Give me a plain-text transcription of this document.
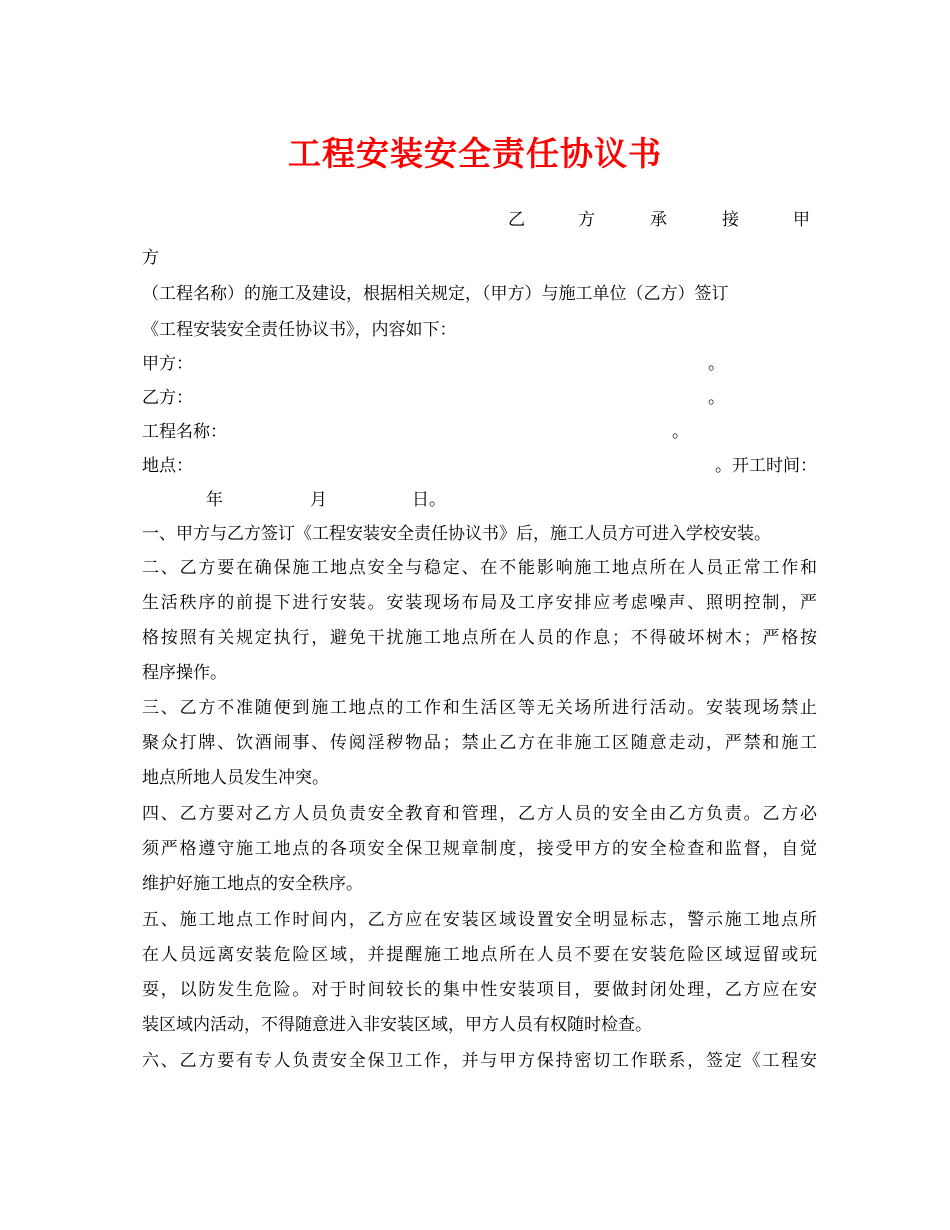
工程安装安全责任协议书
乙	方	承	接	甲
方
（工程名称）的施工及建设，根据相关规定，（甲方）与施工单位（乙方）签订
《工程安装安全责任协议书》，内容如下：
甲方：	。
乙方：	。
工程名称：	。
地点：	。开工时间：
年	月	日。
一、甲方与乙方签订《工程安装安全责任协议书》后，施工人员方可进入学校安装。
二、乙方要在确保施工地点安全与稳定、在不能影响施工地点所在人员正常工作和
生活秩序的前提下进行安装。安装现场布局及工序安排应考虑噪声、照明控制，严
格按照有关规定执行，避免干扰施工地点所在人员的作息；不得破坏树木；严格按
程序操作。
三、乙方不准随便到施工地点的工作和生活区等无关场所进行活动。安装现场禁止
聚众打牌、饮酒闹事、传阅淫秽物品；禁止乙方在非施工区随意走动，严禁和施工
地点所地人员发生冲突。
四、乙方要对乙方人员负责安全教育和管理，乙方人员的安全由乙方负责。乙方必
须严格遵守施工地点的各项安全保卫规章制度，接受甲方的安全检查和监督，自觉
维护好施工地点的安全秩序。
五、施工地点工作时间内，乙方应在安装区域设置安全明显标志，警示施工地点所
在人员远离安装危险区域，并提醒施工地点所在人员不要在安装危险区域逗留或玩
耍，以防发生危险。对于时间较长的集中性安装项目，要做封闭处理，乙方应在安
装区域内活动，不得随意进入非安装区域，甲方人员有权随时检查。
六、乙方要有专人负责安全保卫工作，并与甲方保持密切工作联系，签定《工程安
